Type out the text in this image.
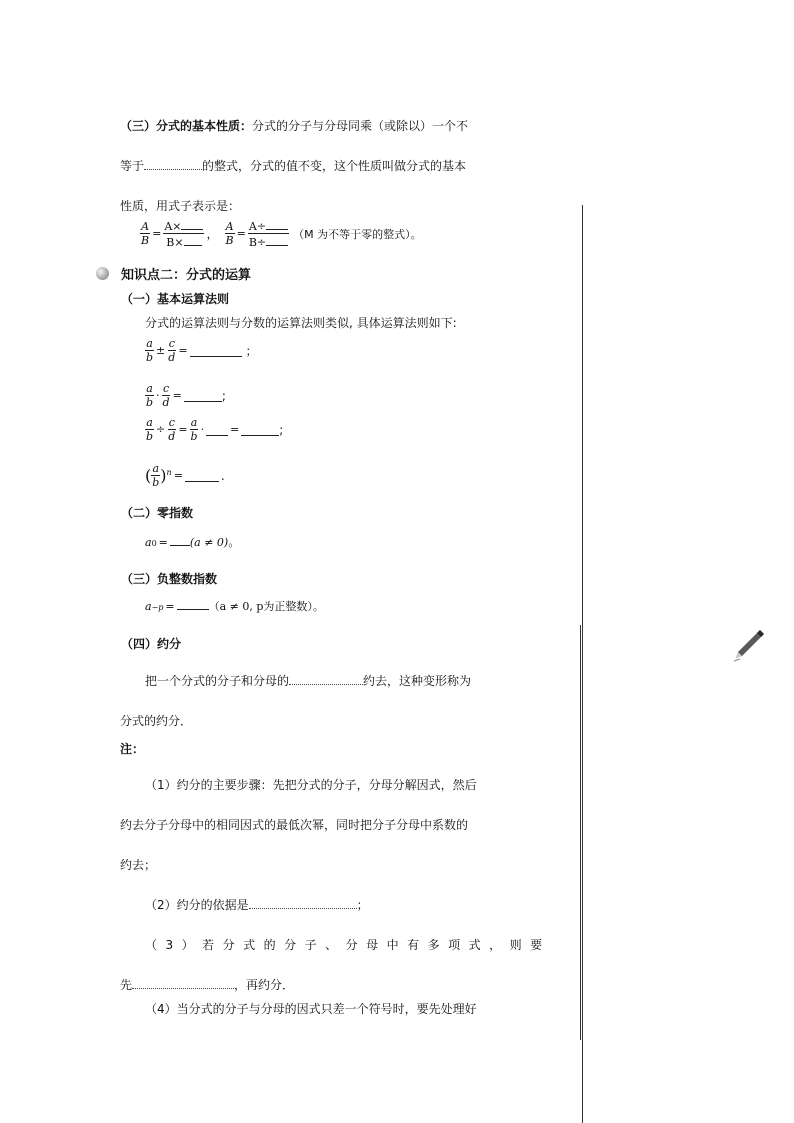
（三）分式的基本性质：分式的分子与分母同乘（或除以）一个不
等于	的整式，分式的值不变，这个性质叫做分式的基本
性质，用式子表示是：
$\frac{A}{B} = \frac{A\times}{B\times}$ ， $\frac{A}{B} = \frac{A\div}{B\div} (M$ 为不等于零的整式）。
知识点二：分式的运算
（一）基本运算法则
分式的运算法则与分数的运算法则类似, 具体运算法则如下:
$\frac{a}{b} \pm \frac{c}{d}$ =	；
$\frac{a}{b} \cdot \frac{c}{d}$ =	;
$\frac{a}{b} \div \frac{c}{d} = \frac{a}{b}$ · =	;
( $\frac{a}{b} )^n$ =	.
（二）零指数
a 0 = (a ≠ 0) 。
（三）负整数指数
a −p =	（a ≠ 0, p为正整数）。
（四）约分
把一个分式的分子和分母的	约去，这种变形称为
分式的约分．
注：
（1）约分的主要步骤：先把分式的分子，分母分解因式，然后
约去分子分母中的相同因式的最低次幂，同时把分子分母中系数的
约去；
（2）约分的依据是	；
（3）若分式的分子、分母中有多项式，则要
先	，再约分．
（4）当分式的分子与分母的因式只差一个符号时，要先处理好
